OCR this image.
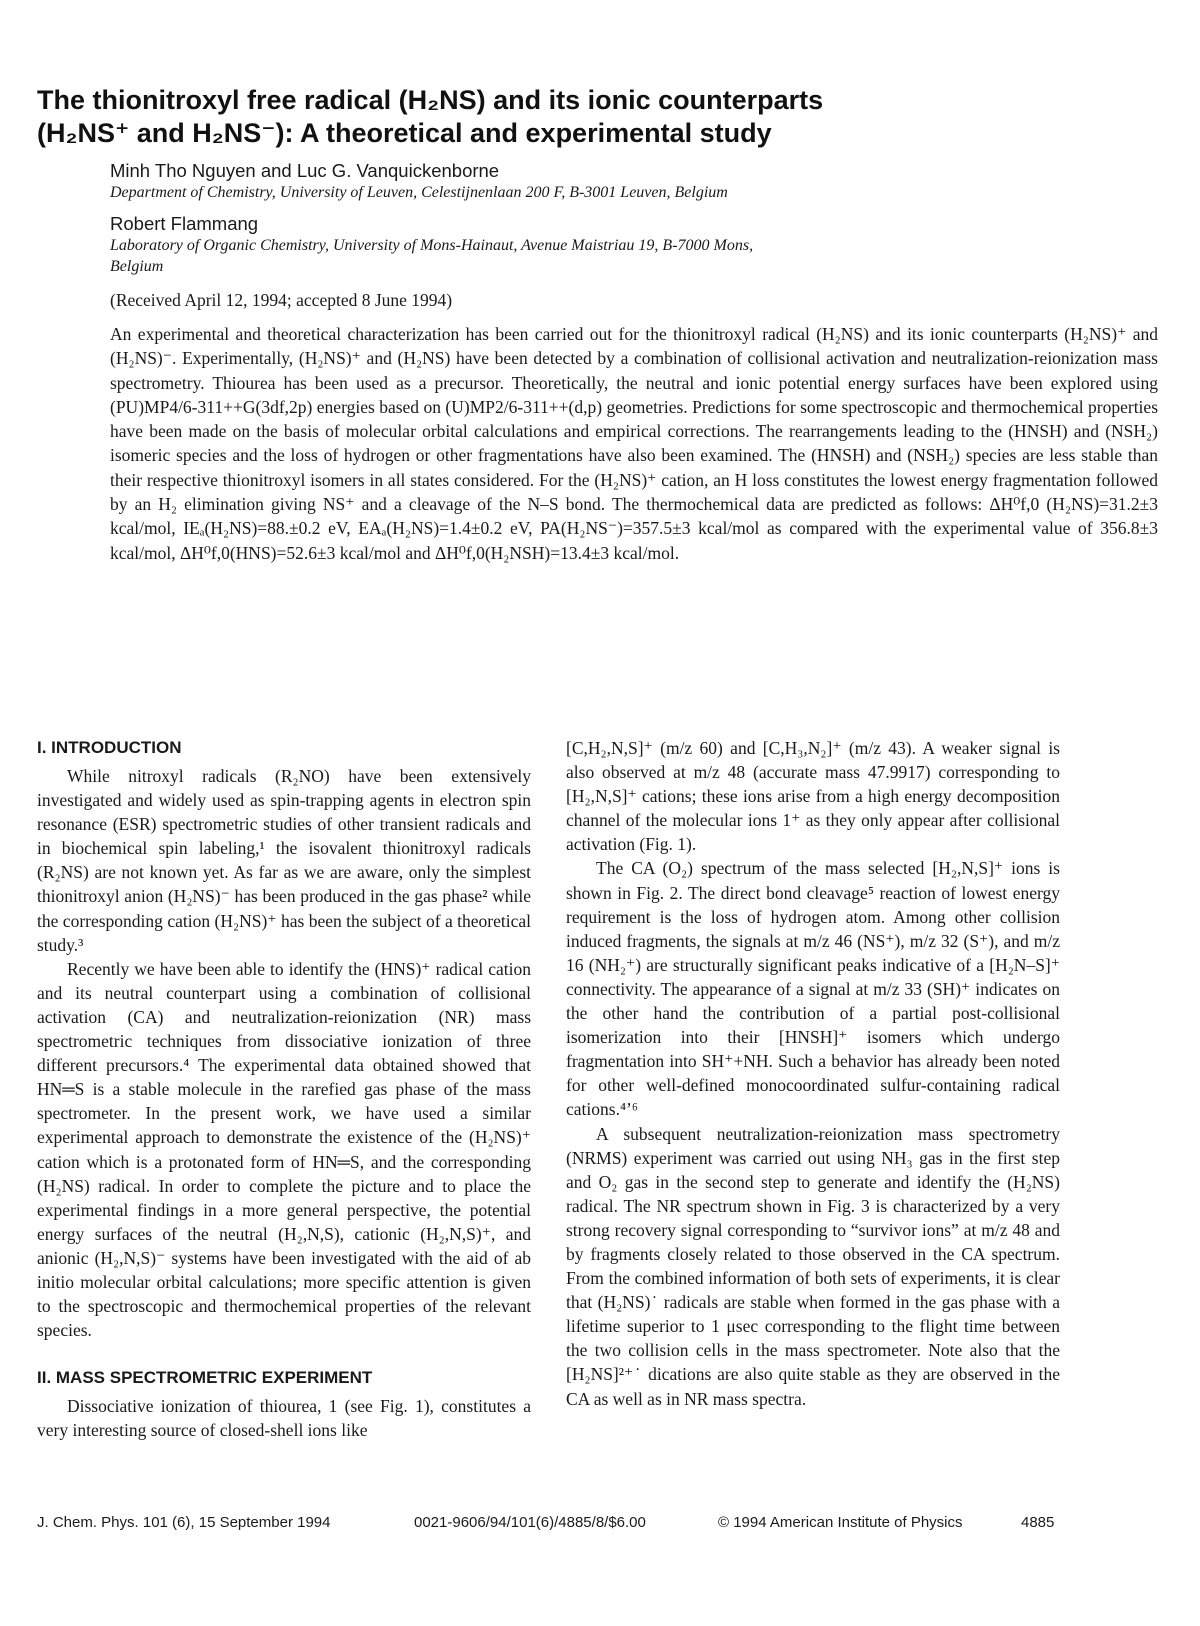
The thionitroxyl free radical (H₂NS) and its ionic counterparts
(H₂NS⁺ and H₂NS⁻): A theoretical and experimental study
Minh Tho Nguyen and Luc G. Vanquickenborne
Department of Chemistry, University of Leuven, Celestijnenlaan 200 F, B-3001 Leuven, Belgium
Robert Flammang
Laboratory of Organic Chemistry, University of Mons-Hainaut, Avenue Maistriau 19, B-7000 Mons,
Belgium
(Received April 12, 1994; accepted 8 June 1994)

An experimental and theoretical characterization has been carried out for the thionitroxyl radical (H₂NS) and its ionic counterparts (H₂NS)⁺ and (H₂NS)⁻. Experimentally, (H₂NS)⁺ and (H₂NS) have been detected by a combination of collisional activation and neutralization-reionization mass spectrometry. Thiourea has been used as a precursor. Theoretically, the neutral and ionic potential energy surfaces have been explored using (PU)MP4/6-311++G(3df,2p) energies based on (U)MP2/6-311++(d,p) geometries. Predictions for some spectroscopic and thermochemical properties have been made on the basis of molecular orbital calculations and empirical corrections. The rearrangements leading to the (HNSH) and (NSH₂) isomeric species and the loss of hydrogen or other fragmentations have also been examined. The (HNSH) and (NSH₂) species are less stable than their respective thionitroxyl isomers in all states considered. For the (H₂NS)⁺ cation, an H loss constitutes the lowest energy fragmentation followed by an H₂ elimination giving NS⁺ and a cleavage of the N–S bond. The thermochemical data are predicted as follows: ΔH⁰f,0 (H₂NS)=31.2±3 kcal/mol, IEₐ(H₂NS)=88.±0.2 eV, EAₐ(H₂NS)=1.4±0.2 eV, PA(H₂NS⁻)=357.5±3 kcal/mol as compared with the experimental value of 356.8±3 kcal/mol, ΔH⁰f,0(HNS)=52.6±3 kcal/mol and ΔH⁰f,0(H₂NSH)=13.4±3 kcal/mol.

I. INTRODUCTION

While nitroxyl radicals (R₂NO) have been extensively investigated and widely used as spin-trapping agents in electron spin resonance (ESR) spectrometric studies of other transient radicals and in biochemical spin labeling,¹ the isovalent thionitroxyl radicals (R₂NS) are not known yet. As far as we are aware, only the simplest thionitroxyl anion (H₂NS)⁻ has been produced in the gas phase² while the corresponding cation (H₂NS)⁺ has been the subject of a theoretical study.³

Recently we have been able to identify the (HNS)⁺ radical cation and its neutral counterpart using a combination of collisional activation (CA) and neutralization-reionization (NR) mass spectrometric techniques from dissociative ionization of three different precursors.⁴ The experimental data obtained showed that HN═S is a stable molecule in the rarefied gas phase of the mass spectrometer. In the present work, we have used a similar experimental approach to demonstrate the existence of the (H₂NS)⁺ cation which is a protonated form of HN═S, and the corresponding (H₂NS) radical. In order to complete the picture and to place the experimental findings in a more general perspective, the potential energy surfaces of the neutral (H₂,N,S), cationic (H₂,N,S)⁺, and anionic (H₂,N,S)⁻ systems have been investigated with the aid of ab initio molecular orbital calculations; more specific attention is given to the spectroscopic and thermochemical properties of the relevant species.

II. MASS SPECTROMETRIC EXPERIMENT

Dissociative ionization of thiourea, 1 (see Fig. 1), constitutes a very interesting source of closed-shell ions like

[C,H₂,N,S]⁺ (m/z 60) and [C,H₃,N₂]⁺ (m/z 43). A weaker signal is also observed at m/z 48 (accurate mass 47.9917) corresponding to [H₂,N,S]⁺ cations; these ions arise from a high energy decomposition channel of the molecular ions 1⁺ as they only appear after collisional activation (Fig. 1).

The CA (O₂) spectrum of the mass selected [H₂,N,S]⁺ ions is shown in Fig. 2. The direct bond cleavage⁵ reaction of lowest energy requirement is the loss of hydrogen atom. Among other collision induced fragments, the signals at m/z 46 (NS⁺), m/z 32 (S⁺), and m/z 16 (NH₂⁺) are structurally significant peaks indicative of a [H₂N–S]⁺ connectivity. The appearance of a signal at m/z 33 (SH)⁺ indicates on the other hand the contribution of a partial post-collisional isomerization into their [HNSH]⁺ isomers which undergo fragmentation into SH⁺+NH. Such a behavior has already been noted for other well-defined monocoordinated sulfur-containing radical cations.⁴ʼ⁶

A subsequent neutralization-reionization mass spectrometry (NRMS) experiment was carried out using NH₃ gas in the first step and O₂ gas in the second step to generate and identify the (H₂NS) radical. The NR spectrum shown in Fig. 3 is characterized by a very strong recovery signal corresponding to “survivor ions” at m/z 48 and by fragments closely related to those observed in the CA spectrum. From the combined information of both sets of experiments, it is clear that (H₂NS)˙ radicals are stable when formed in the gas phase with a lifetime superior to 1 μsec corresponding to the flight time between the two collision cells in the mass spectrometer. Note also that the [H₂NS]²⁺˙ dications are also quite stable as they are observed in the CA as well as in NR mass spectra.

J. Chem. Phys. 101 (6), 15 September 1994	0021-9606/94/101(6)/4885/8/$6.00	© 1994 American Institute of Physics	4885
